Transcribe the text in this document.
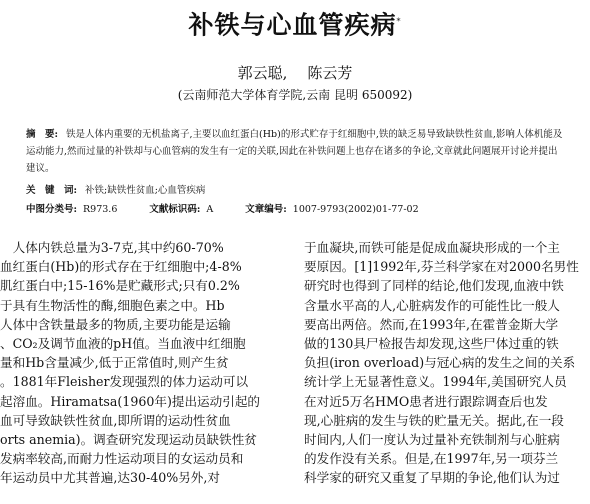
补铁与心血管疾病*
郭云聪, 陈云芳
(云南师范大学体育学院,云南 昆明 650092)
摘　要: 铁是人体内重要的无机盐离子,主要以血红蛋白(Hb)的形式贮存于红细胞中,铁的缺乏易导致缺铁性贫血,影响人体机能及运动能力,然而过量的补铁却与心血管病的发生有一定的关联,因此在补铁问题上也存在诸多的争论,文章就此问题展开讨论并提出建议。
关　键　词: 补铁;缺铁性贫血;心血管疾病
中图分类号: R973.6	文献标识码: A	文章编号: 1007-9793(2002)01-77-02

　人体内铁总量为3-7克,其中约60-70%

血红蛋白(Hb)的形式存在于红细胞中;4-8%

肌红蛋白中;15-16%是贮藏形式;只有0.2%

于具有生物活性的酶,细胞色素之中。Hb

人体中含铁量最多的物质,主要功能是运输

、CO₂及调节血液的pH值。当血液中红细胞

量和Hb含量减少,低于正常值时,则产生贫

。1881年Fleisher发现强烈的体力运动可以

起溶血。Hiramatsa(1960年)提出运动引起的

血可导致缺铁性贫血,即所谓的运动性贫血

orts anemia)。调查研究发现运动员缺铁性贫

发病率较高,而耐力性运动项目的女运动员和

年运动员中尤其普遍,达30-40%另外,对

于血凝块,而铁可能是促成血凝块形成的一个主

要原因。[1]1992年,芬兰科学家在对2000名男性

研究时也得到了同样的结论,他们发现,血液中铁

含量水平高的人,心脏病发作的可能性比一般人

要高出两倍。然而,在1993年,在霍普金斯大学

做的130具尸检报告却发现,这些尸体过重的铁

负担(iron overload)与冠心病的发生之间的关系

统计学上无显著性意义。1994年,美国研究人员

在对近5万名HMO患者进行跟踪调查后也发

现,心脏病的发生与铁的贮量无关。据此,在一段

时间内,人们一度认为过量补充铁制剂与心脏病

的发作没有关系。但是,在1997年,另一项芬兰

科学家的研究又重复了早期的争论,他们认为过
